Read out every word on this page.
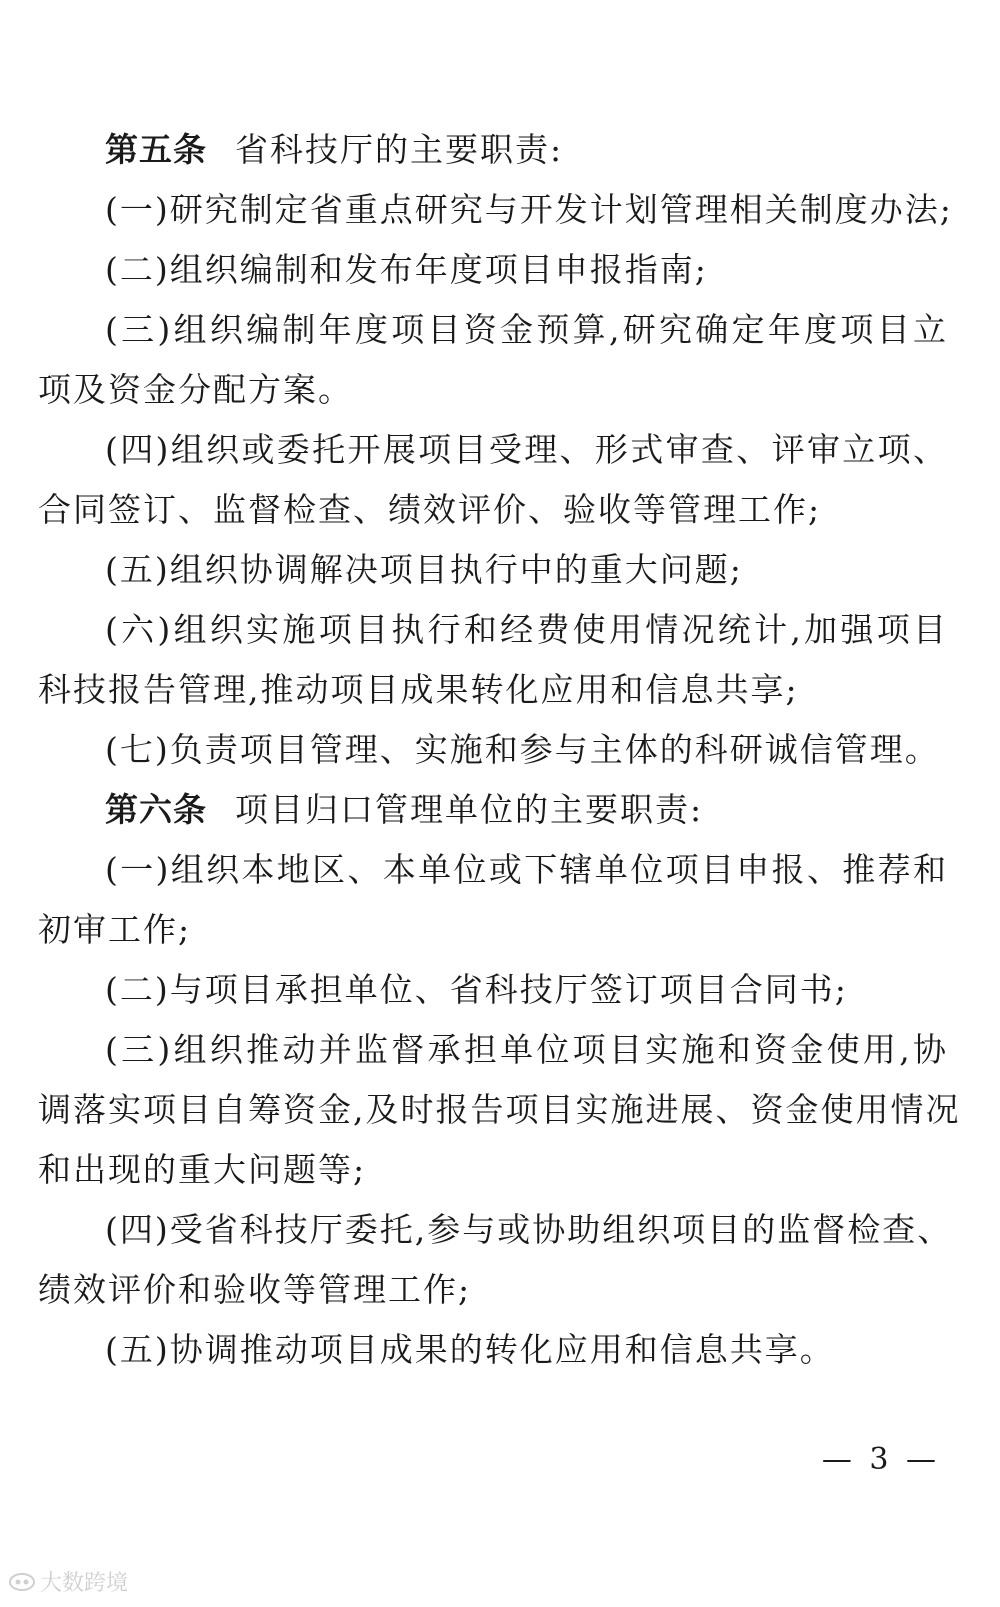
第五条 省科技厅的主要职责:
(一)研究制定省重点研究与开发计划管理相关制度办法;
(二)组织编制和发布年度项目申报指南;
(三)组织编制年度项目资金预算,研究确定年度项目立
项及资金分配方案。
(四)组织或委托开展项目受理、形式审查、评审立项、
合同签订、监督检查、绩效评价、验收等管理工作;
(五)组织协调解决项目执行中的重大问题;
(六)组织实施项目执行和经费使用情况统计,加强项目
科技报告管理,推动项目成果转化应用和信息共享;
(七)负责项目管理、实施和参与主体的科研诚信管理。
第六条 项目归口管理单位的主要职责:
(一)组织本地区、本单位或下辖单位项目申报、推荐和
初审工作;
(二)与项目承担单位、省科技厅签订项目合同书;
(三)组织推动并监督承担单位项目实施和资金使用,协
调落实项目自筹资金,及时报告项目实施进展、资金使用情况
和出现的重大问题等;
(四)受省科技厅委托,参与或协助组织项目的监督检查、
绩效评价和验收等管理工作;
(五)协调推动项目成果的转化应用和信息共享。
— 3 —
大数跨境
